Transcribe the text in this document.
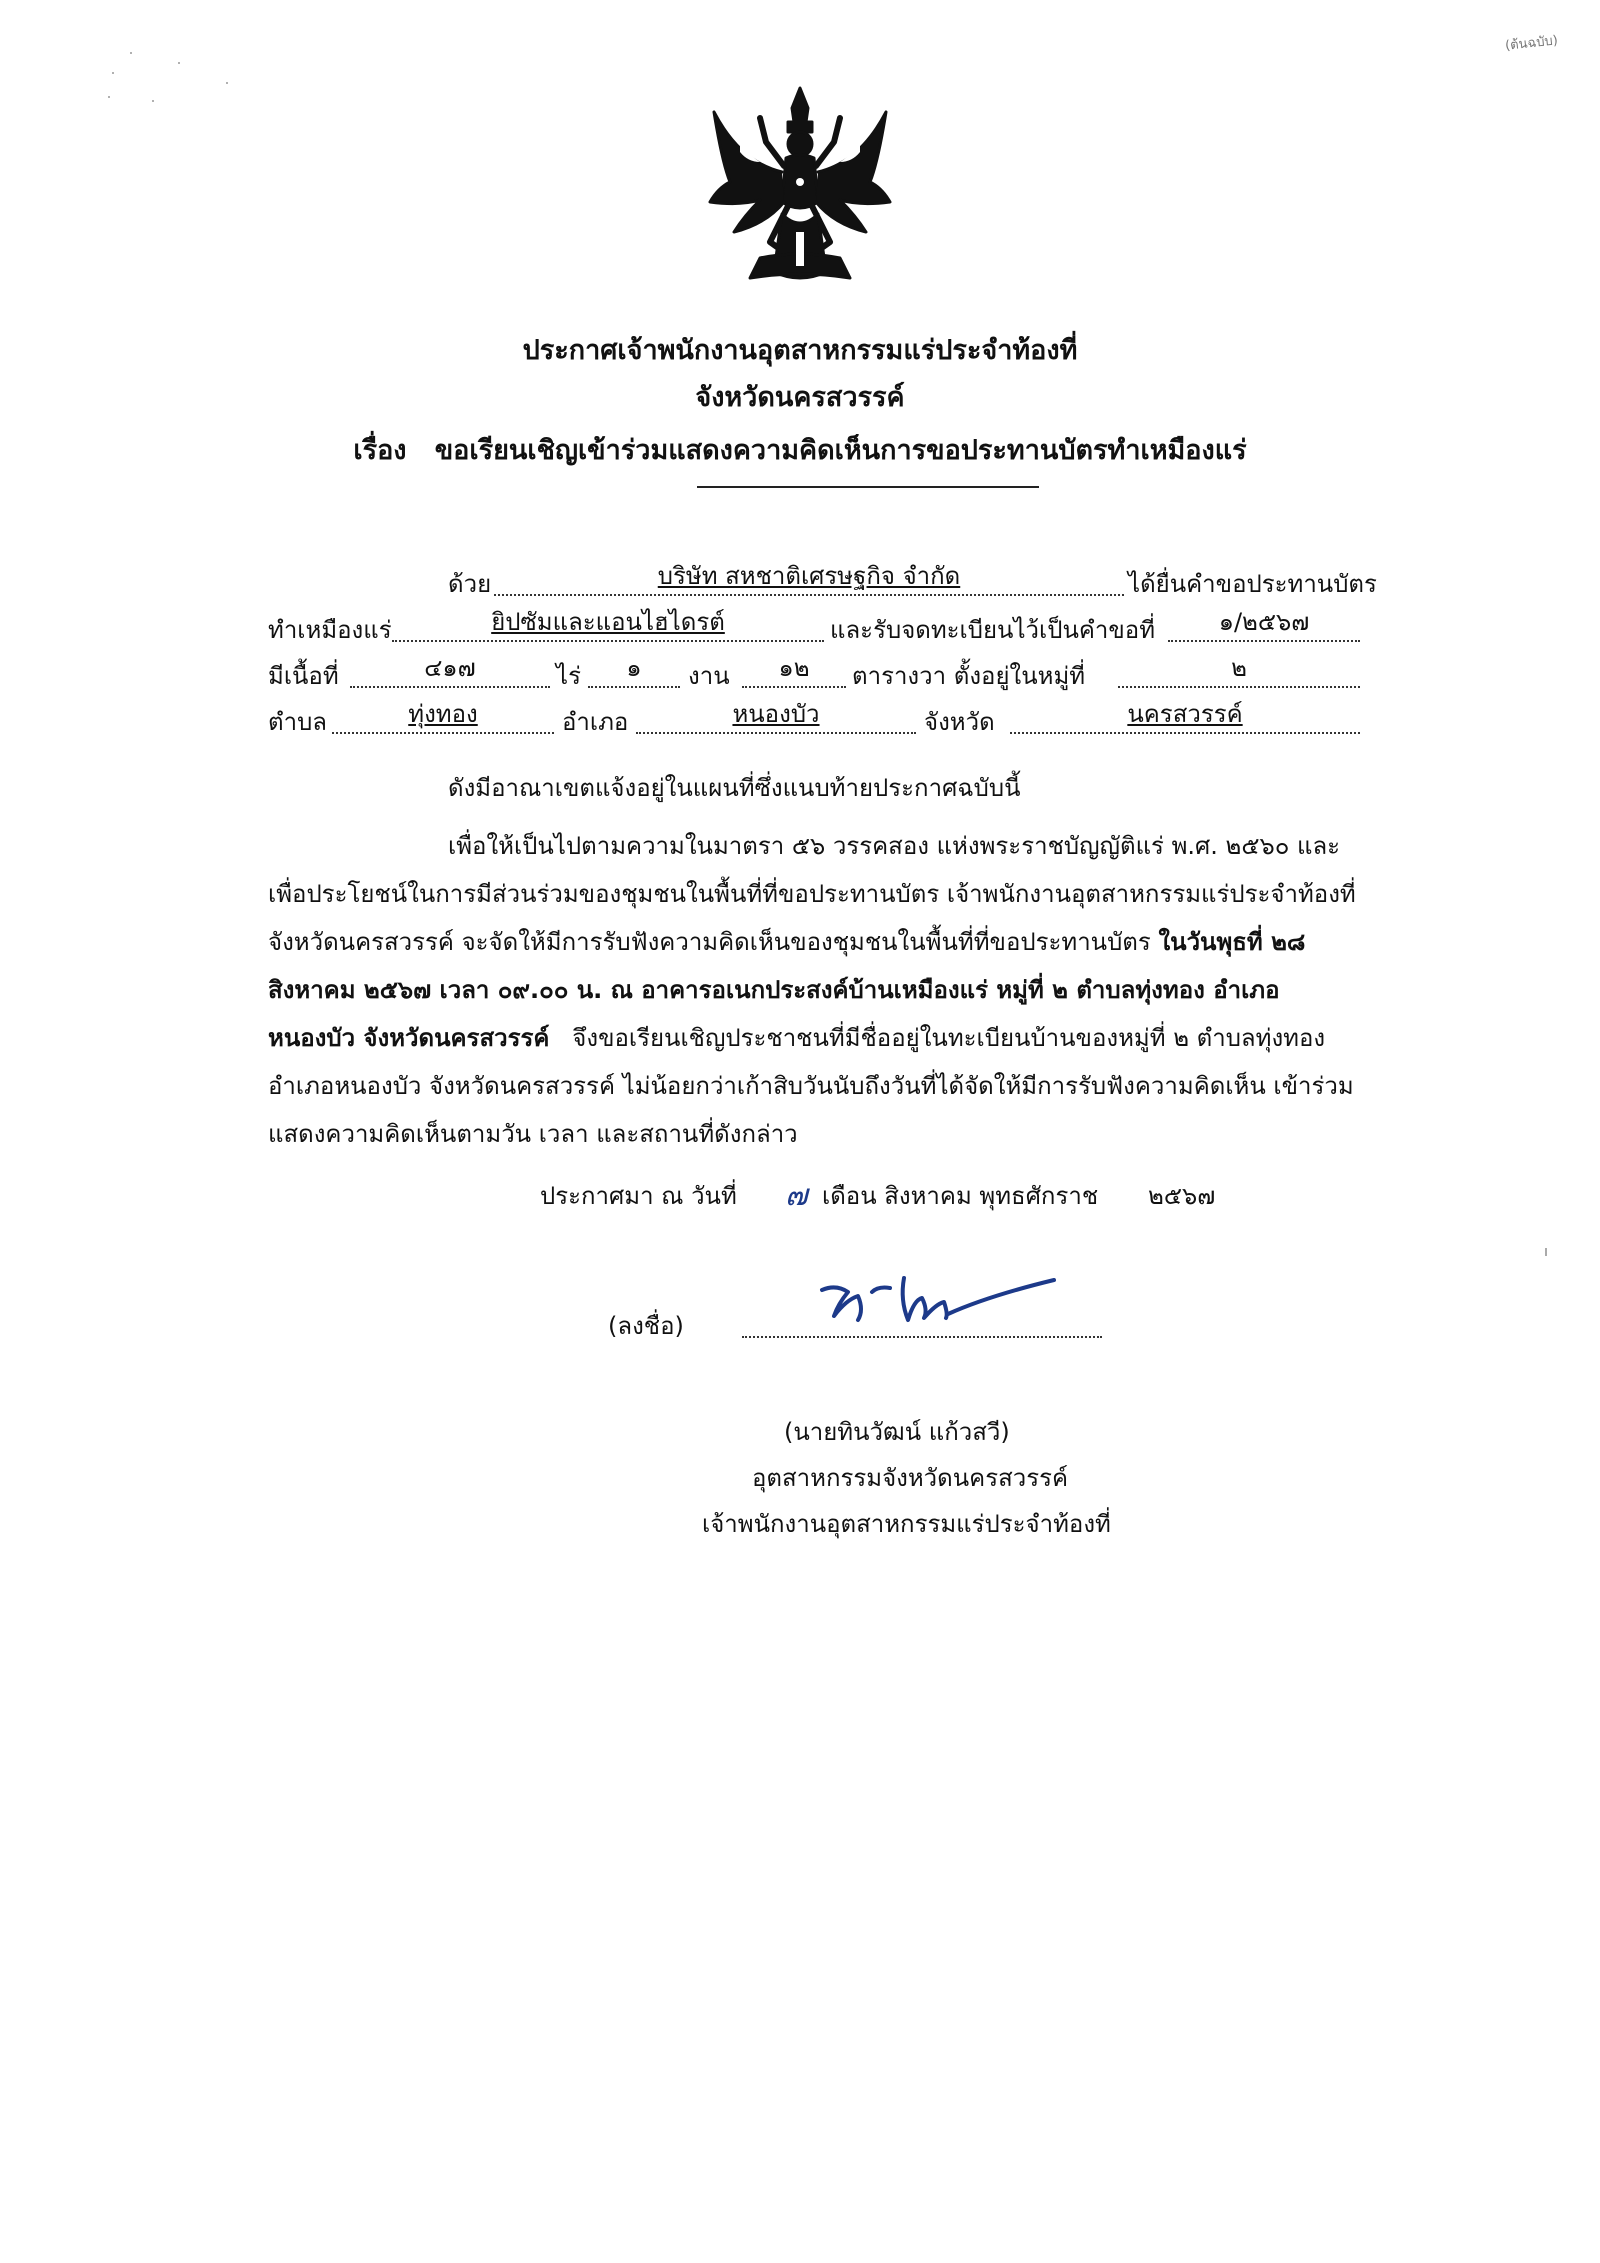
(ต้นฉบับ)
ประกาศเจ้าพนักงานอุตสาหกรรมแร่ประจำท้องที่
จังหวัดนครสวรรค์
เรื่อง ขอเรียนเชิญเข้าร่วมแสดงความคิดเห็นการขอประทานบัตรทำเหมืองแร่
ด้วย	บริษัท สหชาติเศรษฐกิจ จำกัด	ได้ยื่นคำขอประทานบัตร
ทำเหมืองแร่	ยิปซัมและแอนไฮไดรต์	และรับจดทะเบียนไว้เป็นคำขอที่	๑/๒๕๖๗
มีเนื้อที่	๔๑๗	ไร่	๑	งาน	๑๒	ตารางวา ตั้งอยู่ในหมู่ที่	๒
ตำบล	ทุ่งทอง	อำเภอ	หนองบัว	จังหวัด	นครสวรรค์
ดังมีอาณาเขตแจ้งอยู่ในแผนที่ซึ่งแนบท้ายประกาศฉบับนี้
เพื่อให้เป็นไปตามความในมาตรา ๕๖ วรรคสอง แห่งพระราชบัญญัติแร่ พ.ศ. ๒๕๖๐ และ
เพื่อประโยชน์ในการมีส่วนร่วมของชุมชนในพื้นที่ที่ขอประทานบัตร เจ้าพนักงานอุตสาหกรรมแร่ประจำท้องที่
จังหวัดนครสวรรค์ จะจัดให้มีการรับฟังความคิดเห็นของชุมชนในพื้นที่ที่ขอประทานบัตร ในวันพุธที่ ๒๘
สิงหาคม ๒๕๖๗ เวลา ๐๙.๐๐ น. ณ อาคารอเนกประสงค์บ้านเหมืองแร่ หมู่ที่ ๒ ตำบลทุ่งทอง อำเภอ
หนองบัว จังหวัดนครสวรรค์ จึงขอเรียนเชิญประชาชนที่มีชื่ออยู่ในทะเบียนบ้านของหมู่ที่ ๒ ตำบลทุ่งทอง
อำเภอหนองบัว จังหวัดนครสวรรค์ ไม่น้อยกว่าเก้าสิบวันนับถึงวันที่ได้จัดให้มีการรับฟังความคิดเห็น เข้าร่วม
แสดงความคิดเห็นตามวัน เวลา และสถานที่ดังกล่าว
ประกาศมา ณ วันที่ ๗ เดือน สิงหาคม พุทธศักราช ๒๕๖๗
(ลงชื่อ)
(นายทินวัฒน์ แก้วสวี)
อุตสาหกรรมจังหวัดนครสวรรค์
เจ้าพนักงานอุตสาหกรรมแร่ประจำท้องที่
